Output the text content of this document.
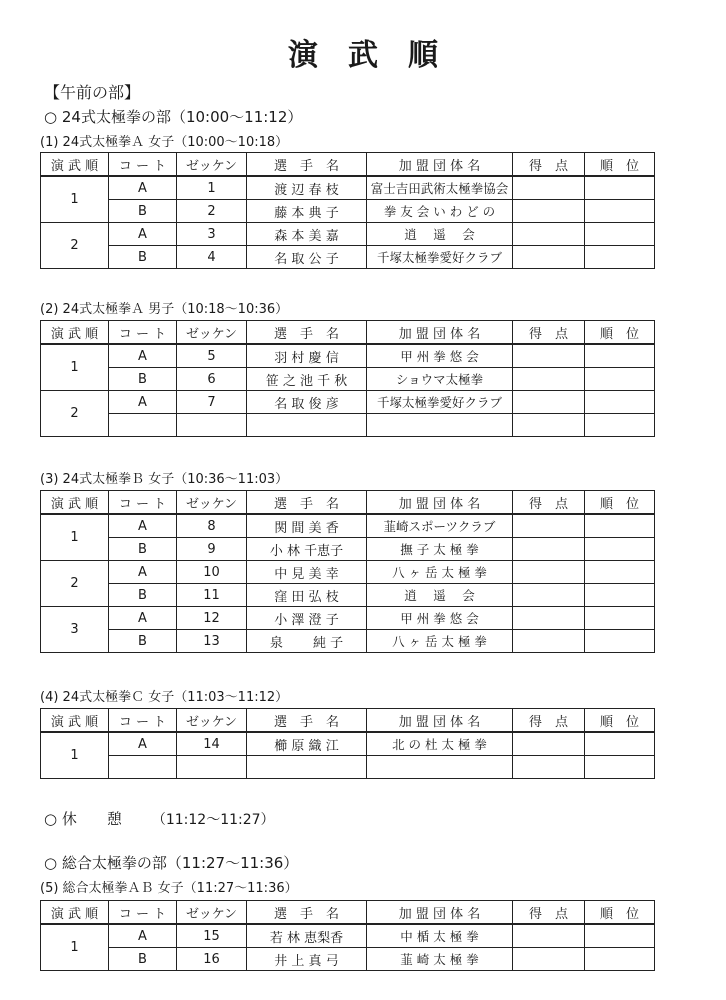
演武順
【午前の部】
○ 24式太極拳の部（10:00〜11:12）
(1) 24式太極拳Ａ 女子（10:00〜10:18）
演 武 順	コ ー ト	ゼッケン	選　手　名	加 盟 団 体 名	得　点	順　位
1	A	1	渡 辺 春 枝	富士吉田武術太極拳協会		
	B	2	藤 本 典 子	拳 友 会 い わ ど の		
2	A	3	森 本 美 嘉	逍　 遥　 会		
	B	4	名 取 公 子	千塚太極拳愛好クラブ		
(2) 24式太極拳Ａ 男子（10:18〜10:36）
演 武 順	コ ー ト	ゼッケン	選　手　名	加 盟 団 体 名	得　点	順　位
1	A	5	羽 村 慶 信	甲 州 拳 悠 会		
	B	6	笹 之 池 千 秋	ショウマ太極拳		
2	A	7	名 取 俊 彦	千塚太極拳愛好クラブ		

(3) 24式太極拳Ｂ 女子（10:36〜11:03）
演 武 順	コ ー ト	ゼッケン	選　手　名	加 盟 団 体 名	得　点	順　位
1	A	8	関 間 美 香	韮崎スポーツクラブ		
	B	9	小 林 千恵子	撫 子 太 極 拳		
2	A	10	中 見 美 幸	八 ヶ 岳 太 極 拳		
	B	11	窪 田 弘 枝	逍　 遥　 会		
3	A	12	小 澤 澄 子	甲 州 拳 悠 会		
	B	13	泉　　 純 子	八 ヶ 岳 太 極 拳		
(4) 24式太極拳Ｃ 女子（11:03〜11:12）
演 武 順	コ ー ト	ゼッケン	選　手　名	加 盟 団 体 名	得　点	順　位
1	A	14	櫛 原 織 江	北 の 杜 太 極 拳		

○ 休　　憩 （11:12〜11:27）
○ 総合太極拳の部（11:27〜11:36）
(5) 総合太極拳ＡＢ 女子（11:27〜11:36）
演 武 順	コ ー ト	ゼッケン	選　手　名	加 盟 団 体 名	得　点	順　位
1	A	15	若 林 恵梨香	中 楯 太 極 拳		
	B	16	井 上 真 弓	韮 崎 太 極 拳		
